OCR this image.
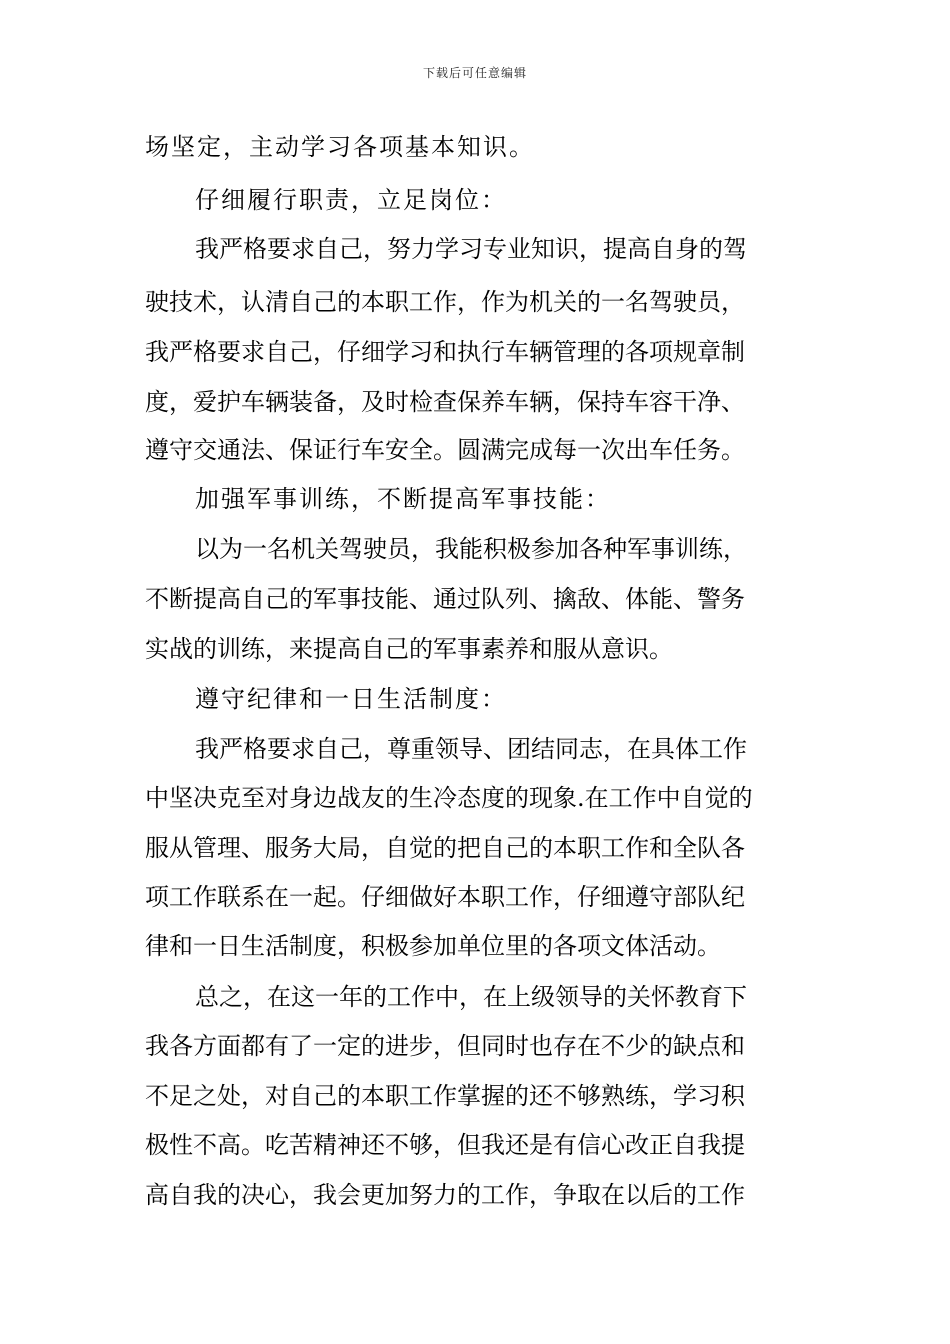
下载后可任意编辑
场坚定，主动学习各项基本知识。
仔细履行职责，立足岗位：
我严格要求自己，努力学习专业知识，提高自身的驾
驶技术，认清自己的本职工作，作为机关的一名驾驶员，
我严格要求自己，仔细学习和执行车辆管理的各项规章制
度，爱护车辆装备，及时检查保养车辆，保持车容干净、
遵守交通法、保证行车安全。圆满完成每一次出车任务。
加强军事训练，不断提高军事技能：
以为一名机关驾驶员，我能积极参加各种军事训练，
不断提高自己的军事技能、通过队列、擒敌、体能、警务
实战的训练，来提高自己的军事素养和服从意识。
遵守纪律和一日生活制度：
我严格要求自己，尊重领导、团结同志，在具体工作
中坚决克至对身边战友的生冷态度的现象.在工作中自觉的
服从管理、服务大局，自觉的把自己的本职工作和全队各
项工作联系在一起。仔细做好本职工作，仔细遵守部队纪
律和一日生活制度，积极参加单位里的各项文体活动。
总之，在这一年的工作中，在上级领导的关怀教育下
我各方面都有了一定的进步，但同时也存在不少的缺点和
不足之处，对自己的本职工作掌握的还不够熟练，学习积
极性不高。吃苦精神还不够，但我还是有信心改正自我提
高自我的决心，我会更加努力的工作，争取在以后的工作
